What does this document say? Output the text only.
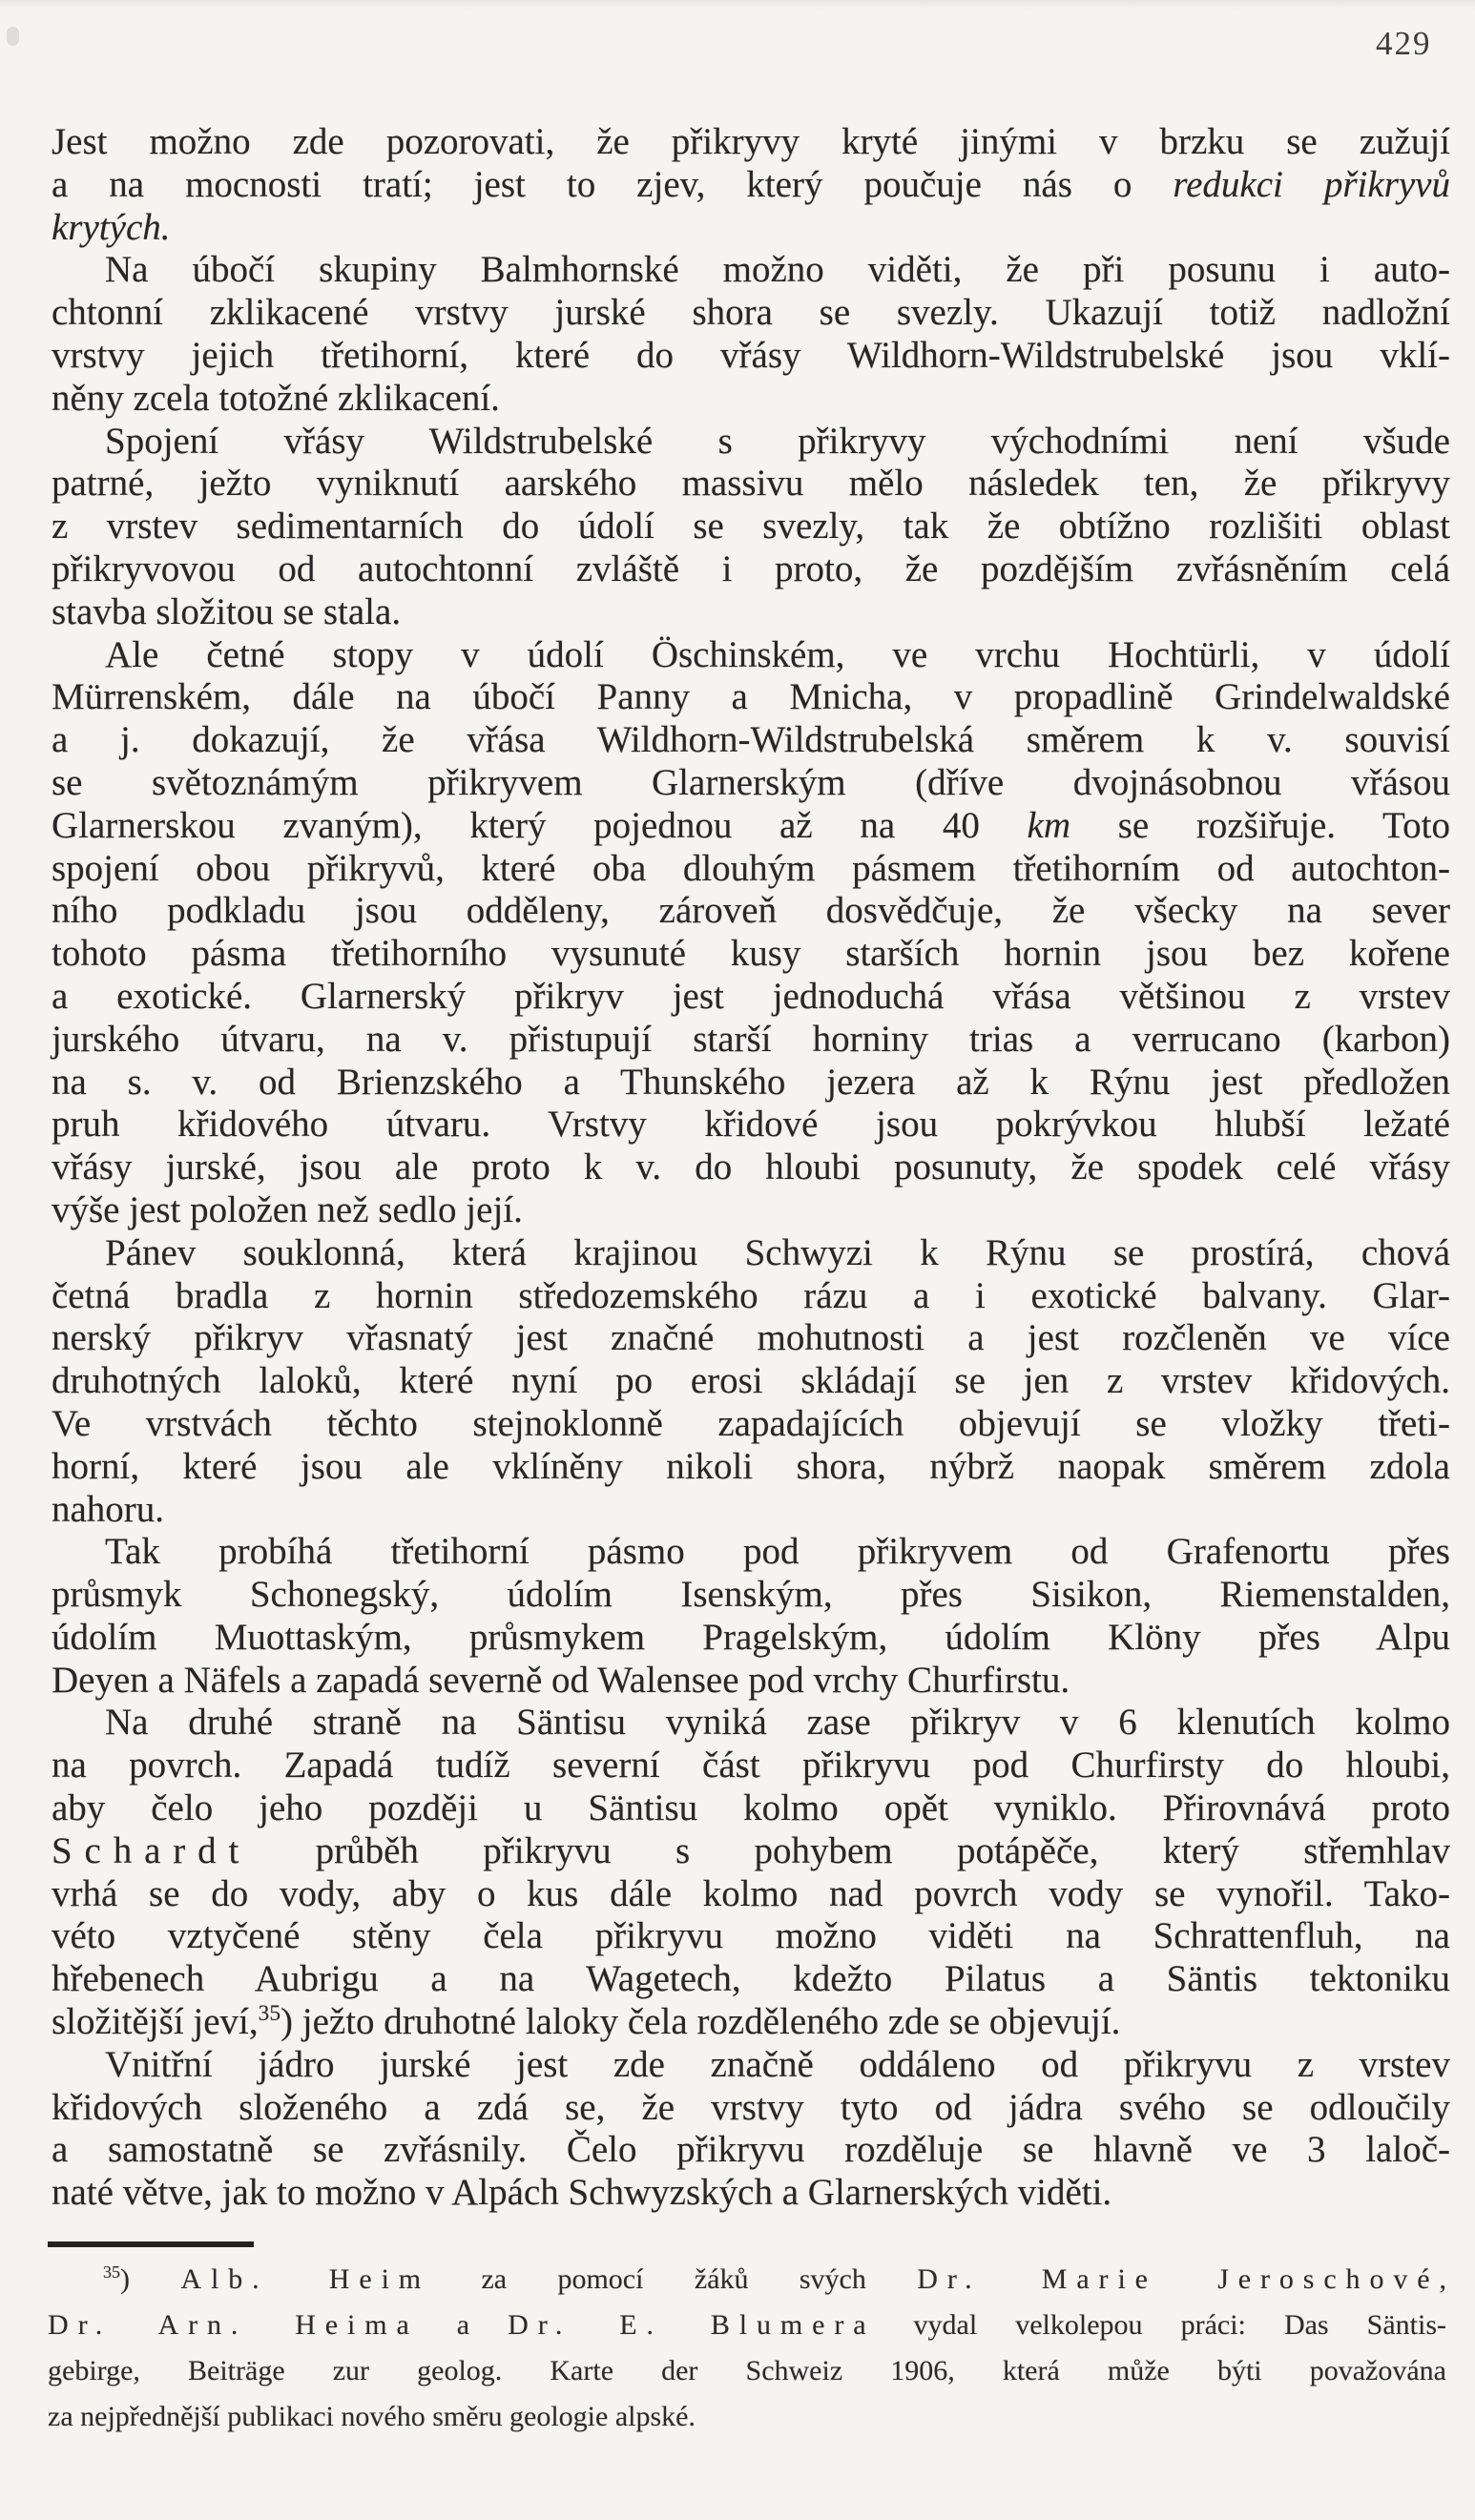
429
Jest možno zde pozorovati, že přikryvy kryté jinými v brzku se zužují
a na mocnosti tratí; jest to zjev, který poučuje nás o redukci přikryvů
krytých.
Na úbočí skupiny Balmhornské možno viděti, že při posunu i auto-
chtonní zklikacené vrstvy jurské shora se svezly. Ukazují totiž nadložní
vrstvy jejich třetihorní, které do vřásy Wildhorn-Wildstrubelské jsou vklí-
něny zcela totožné zklikacení.
Spojení vřásy Wildstrubelské s přikryvy východními není všude
patrné, ježto vyniknutí aarského massivu mělo následek ten, že přikryvy
z vrstev sedimentarních do údolí se svezly, tak že obtížno rozlišiti oblast
přikryvovou od autochtonní zvláště i proto, že pozdějším zvřásněním celá
stavba složitou se stala.
Ale četné stopy v údolí Öschinském, ve vrchu Hochtürli, v údolí
Mürrenském, dále na úbočí Panny a Mnicha, v propadlině Grindelwaldské
a j. dokazují, že vřása Wildhorn-Wildstrubelská směrem k v. souvisí
se světoznámým přikryvem Glarnerským (dříve dvojnásobnou vřásou
Glarnerskou zvaným), který pojednou až na 40 km se rozšiřuje. Toto
spojení obou přikryvů, které oba dlouhým pásmem třetihorním od autochton-
ního podkladu jsou odděleny, zároveň dosvědčuje, že všecky na sever
tohoto pásma třetihorního vysunuté kusy starších hornin jsou bez kořene
a exotické. Glarnerský přikryv jest jednoduchá vřása většinou z vrstev
jurského útvaru, na v. přistupují starší horniny trias a verrucano (karbon)
na s. v. od Brienzského a Thunského jezera až k Rýnu jest předložen
pruh křidového útvaru. Vrstvy křidové jsou pokrývkou hlubší ležaté
vřásy jurské, jsou ale proto k v. do hloubi posunuty, že spodek celé vřásy
výše jest položen než sedlo její.
Pánev souklonná, která krajinou Schwyzi k Rýnu se prostírá, chová
četná bradla z hornin středozemského rázu a i exotické balvany. Glar-
nerský přikryv vřasnatý jest značné mohutnosti a jest rozčleněn ve více
druhotných laloků, které nyní po erosi skládají se jen z vrstev křidových.
Ve vrstvách těchto stejnoklonně zapadajících objevují se vložky třeti-
horní, které jsou ale vklíněny nikoli shora, nýbrž naopak směrem zdola
nahoru.
Tak probíhá třetihorní pásmo pod přikryvem od Grafenortu přes
průsmyk Schonegský, údolím Isenským, přes Sisikon, Riemenstalden,
údolím Muottaským, průsmykem Pragelským, údolím Klöny přes Alpu
Deyen a Näfels a zapadá severně od Walensee pod vrchy Churfirstu.
Na druhé straně na Säntisu vyniká zase přikryv v 6 klenutích kolmo
na povrch. Zapadá tudíž severní část přikryvu pod Churfirsty do hloubi,
aby čelo jeho později u Säntisu kolmo opět vyniklo. Přirovnává proto
Schardt průběh přikryvu s pohybem potápěče, který střemhlav
vrhá se do vody, aby o kus dále kolmo nad povrch vody se vynořil. Tako-
véto vztyčené stěny čela přikryvu možno viděti na Schrattenfluh, na
hřebenech Aubrigu a na Wagetech, kdežto Pilatus a Säntis tektoniku
složitější jeví,$^{35}$) ježto druhotné laloky čela rozděleného zde se objevují.
Vnitřní jádro jurské jest zde značně oddáleno od přikryvu z vrstev
křidových složeného a zdá se, že vrstvy tyto od jádra svého se odloučily
a samostatně se zvřásnily. Čelo přikryvu rozděluje se hlavně ve 3 laloč-
naté větve, jak to možno v Alpách Schwyzských a Glarnerských viděti.
$^{35}$) Alb. Heim za pomocí žáků svých Dr. Marie Jeroschové,
Dr. Arn. Heima a Dr. E. Blumera vydal velkolepou práci: Das Säntis-
gebirge, Beiträge zur geolog. Karte der Schweiz 1906, která může býti považována
za nejpřednější publikaci nového směru geologie alpské.
